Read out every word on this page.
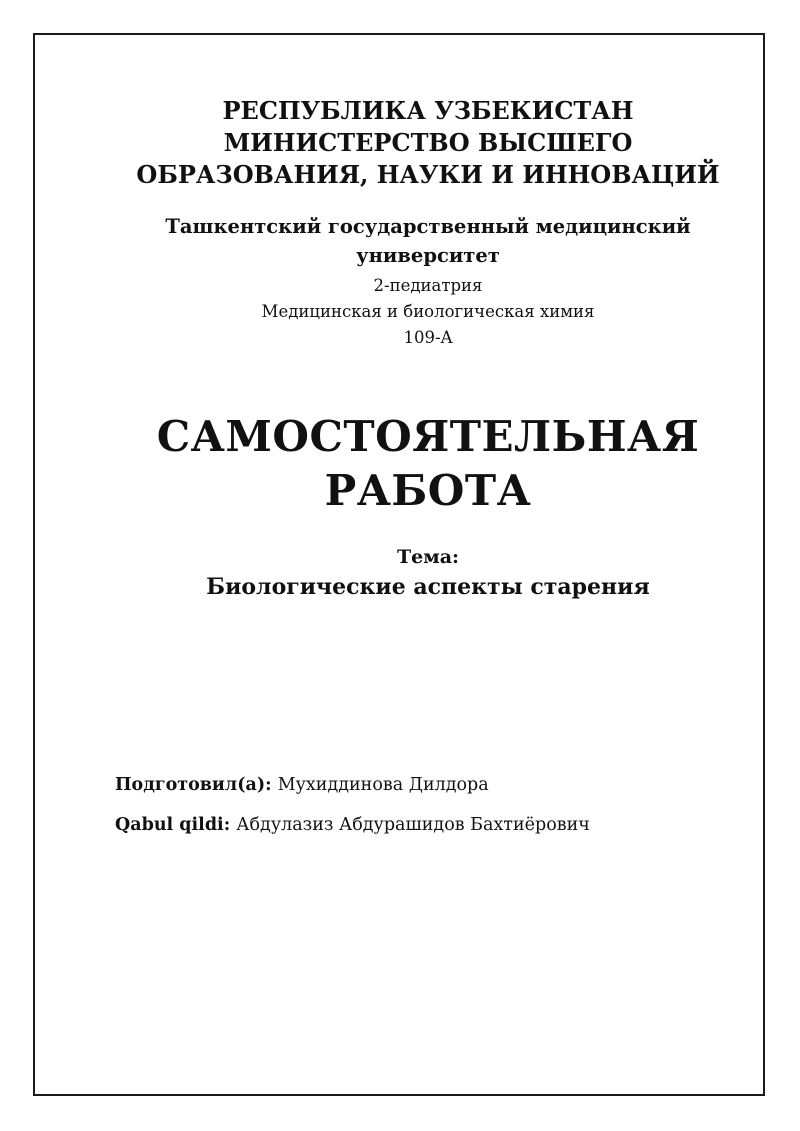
РЕСПУБЛИКА УЗБЕКИСТАН
МИНИСТЕРСТВО ВЫСШЕГО
ОБРАЗОВАНИЯ, НАУКИ И ИННОВАЦИЙ
Ташкентский государственный медицинский
университет
2-педиатрия
Медицинская и биологическая химия
109-A
САМОСТОЯТЕЛЬНАЯ
РАБОТА
Тема:
Биологические аспекты старения
Подготовил(а): Мухиддинова Дилдора
Qabul qildi: Абдулазиз Абдурашидов Бахтиёрович
